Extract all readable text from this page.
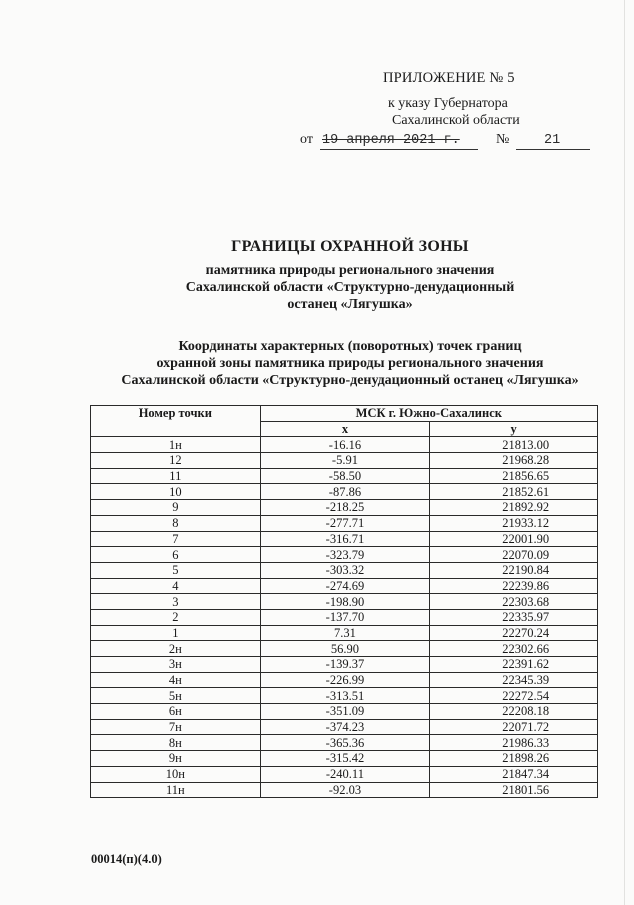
ПРИЛОЖЕНИЕ № 5
к указу Губернатора
Сахалинской области
от 19 апреля 2021 г.	№	21
ГРАНИЦЫ ОХРАННОЙ ЗОНЫ
памятника природы регионального значения
Сахалинской области «Структурно-денудационный
останец «Лягушка»
Координаты характерных (поворотных) точек границ
охранной зоны памятника природы регионального значения
Сахалинской области «Структурно-денудационный останец «Лягушка»
Номер точки	МСК г. Южно-Сахалинск	
	x	y
1н	-16.16	21813.00
12	-5.91	21968.28
11	-58.50	21856.65
10	-87.86	21852.61
9	-218.25	21892.92
8	-277.71	21933.12
7	-316.71	22001.90
6	-323.79	22070.09
5	-303.32	22190.84
4	-274.69	22239.86
3	-198.90	22303.68
2	-137.70	22335.97
1	7.31	22270.24
2н	56.90	22302.66
3н	-139.37	22391.62
4н	-226.99	22345.39
5н	-313.51	22272.54
6н	-351.09	22208.18
7н	-374.23	22071.72
8н	-365.36	21986.33
9н	-315.42	21898.26
10н	-240.11	21847.34
11н	-92.03	21801.56
00014(п)(4.0)
